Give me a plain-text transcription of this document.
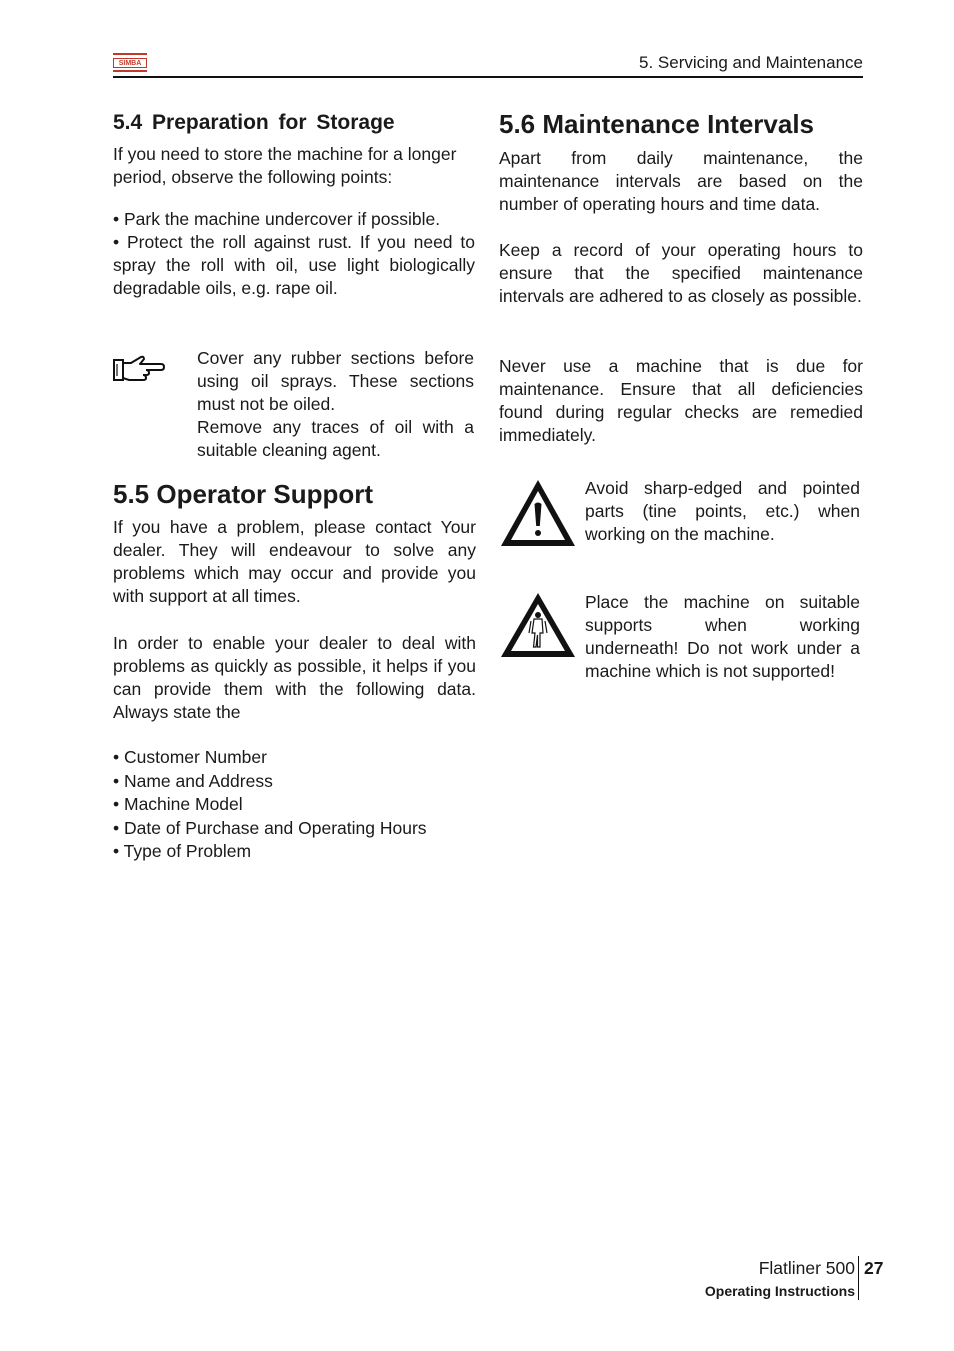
SIMBA	5. Servicing and Maintenance
5.4 Preparation for Storage
If you need to store the machine for a longer period, observe the following points:
• Park the machine undercover if possible.
• Protect the roll against rust. If you need to spray the roll with oil, use light biologically degradable oils, e.g. rape oil.
Cover any rubber sections before using oil sprays. These sections must not be oiled.
Remove any traces of oil with a suitable cleaning agent.
5.5 Operator Support
If you have a problem, please contact Your dealer. They will endeavour to solve any problems which may occur and provide you with support at all times.
In order to enable your dealer to deal with problems as quickly as possible, it helps if you can provide them with the following data. Always state the
• Customer Number
• Name and Address
• Machine Model
• Date of Purchase and Operating Hours
• Type of Problem
5.6 Maintenance Intervals
Apart from daily maintenance, the maintenance intervals are based on the number of operating hours and time data.
Keep a record of your operating hours to ensure that the specified maintenance intervals are adhered to as closely as possible.
Never use a machine that is due for maintenance. Ensure that all deficiencies found during regular checks are remedied immediately.
Avoid sharp-edged and pointed parts (tine points, etc.) when working on the machine.
Place the machine on suitable supports when working underneath! Do not work under a machine which is not supported!
Flatliner 500 27
Operating Instructions
